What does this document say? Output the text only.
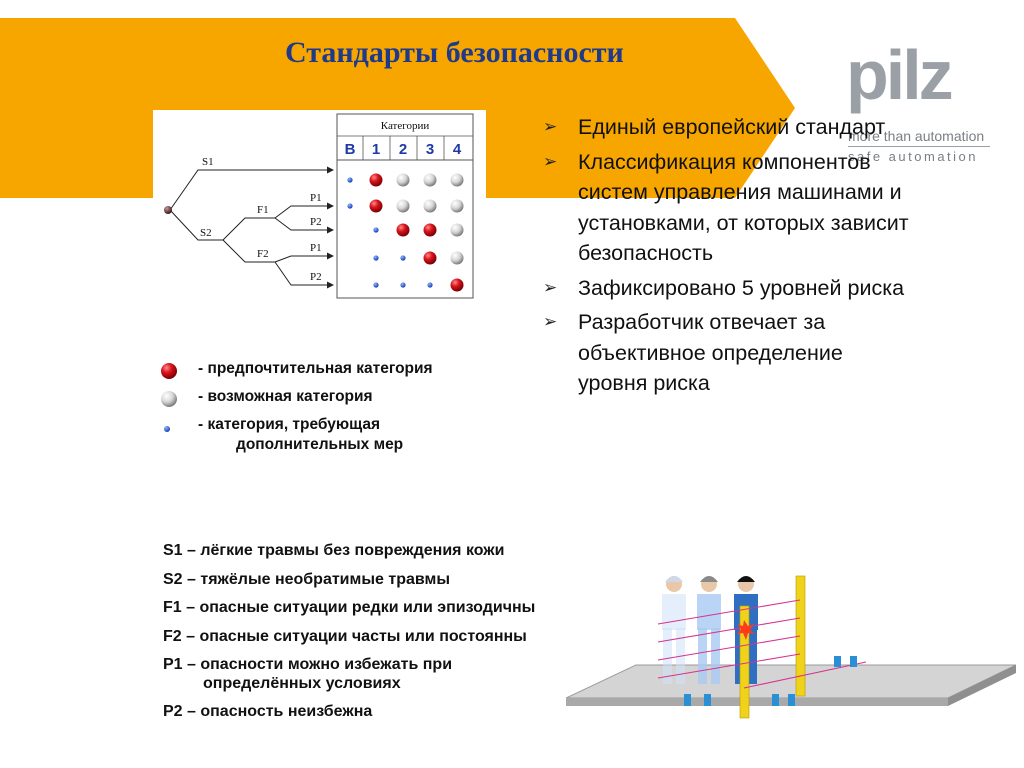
Стандарты безопасности	pilz
more than automation
safe automation
Категории
B 1 2 3 4
S1
S2
F1
F2
P1
P2
P1
P2
- предпочтительная категория
- возможная категория
- категория, требующая
дополнительных мер
➢ Единый европейский стандарт
➢ Классификация компонентов систем управления машинами и установками, от которых зависит безопасность
➢ Зафиксировано 5 уровней риска
➢ Разработчик отвечает за объективное определение уровня риска
S1 – лёгкие травмы без повреждения кожи
S2 – тяжёлые необратимые травмы
F1 – опасные ситуации редки или эпизодичны
F2 – опасные ситуации часты или постоянны
P1 – опасности можно избежать при
определённых условиях
P2 – опасность неизбежна
